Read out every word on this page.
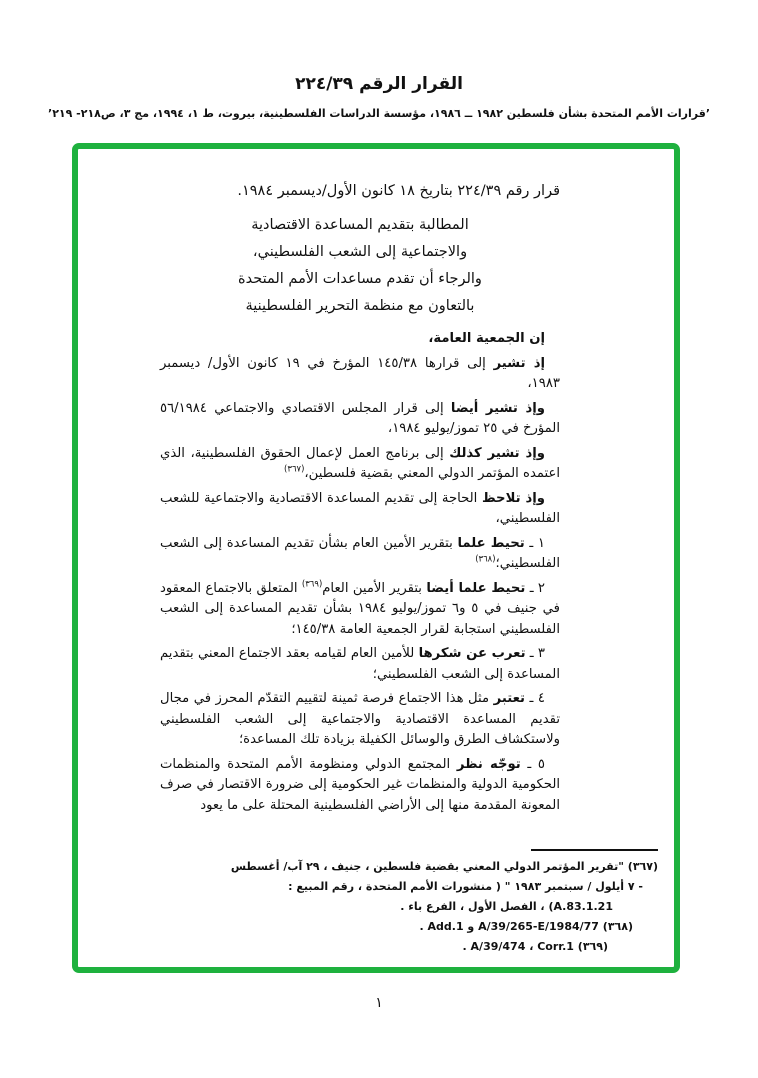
القرار الرقم ٣٩‏/‏٢٢٤
’قرارات الأمم المتحدة بشأن فلسطين ١٩٨٢ ــ ١٩٨٦، مؤسسة الدراسات الفلسطينية، بيروت، ط ١، ١٩٩٤، مج ٣، ص٢١٨- ٢١٩’
قرار رقم ٣٩‏/‏٢٢٤ بتاريخ ١٨ كانون الأول/ديسمبر ١٩٨٤.
المطالبة بتقديم المساعدة الاقتصادية
والاجتماعية إلى الشعب الفلسطيني،
والرجاء أن تقدم مساعدات الأمم المتحدة
بالتعاون مع منظمة التحرير الفلسطينية

إن الجمعية العامة،

إذ تشير إلى قرارها ٣٨‏/‏١٤٥ المؤرخ في ١٩ كانون الأول/ ديسمبر ١٩٨٣،

وإذ تشير أيضا إلى قرار المجلس الاقتصادي والاجتماعي ١٩٨٤‏/‏٥٦ المؤرخ في ٢٥ تموز/يوليو ١٩٨٤،

وإذ تشير كذلك إلى برنامج العمل لإعمال الحقوق الفلسطينية، الذي اعتمده المؤتمر الدولي المعني بقضية فلسطين،$^{(٣٦٧)}$

وإذ تلاحظ الحاجة إلى تقديم المساعدة الاقتصادية والاجتماعية للشعب الفلسطيني،

١ ـ تحيط علما بتقرير الأمين العام بشأن تقديم المساعدة إلى الشعب الفلسطيني؛$^{(٣٦٨)}$

٢ ـ تحيط علما أيضا بتقرير الأمين العام$^{(٣٦٩)}$ المتعلق بالاجتماع المعقود في جنيف في ٥ و٦ تموز/يوليو ١٩٨٤ بشأن تقديم المساعدة إلى الشعب الفلسطيني استجابة لقرار الجمعية العامة ٣٨‏/‏١٤٥؛

٣ ـ تعرب عن شكرها للأمين العام لقيامه بعقد الاجتماع المعني بتقديم المساعدة إلى الشعب الفلسطيني؛

٤ ـ تعتبر مثل هذا الاجتماع فرصة ثمينة لتقييم التقدّم المحرز في مجال تقديم المساعدة الاقتصادية والاجتماعية إلى الشعب الفلسطيني ولاستكشاف الطرق والوسائل الكفيلة بزيادة تلك المساعدة؛

٥ ـ توجّه نظر المجتمع الدولي ومنظومة الأمم المتحدة والمنظمات الحكومية الدولية والمنظمات غير الحكومية إلى ضرورة الاقتصار في صرف المعونة المقدمة منها إلى الأراضي الفلسطينية المحتلة على ما يعود

(٣٦٧) "تقرير المؤتمر الدولي المعني بقضية فلسطين ، جنيف ، ٢٩ آب/ أغسطس
- ٧ أيلول / سبتمبر ١٩٨٣ " ( منشورات الأمم المتحدة ، رقم المبيع :
A.83.1.21) ، الفصل الأول ، الفرع باء .
(٣٦٨) A/39/265-E/1984/77 و Add.1 .
(٣٦٩) A/39/474 ، Corr.1 .
١
